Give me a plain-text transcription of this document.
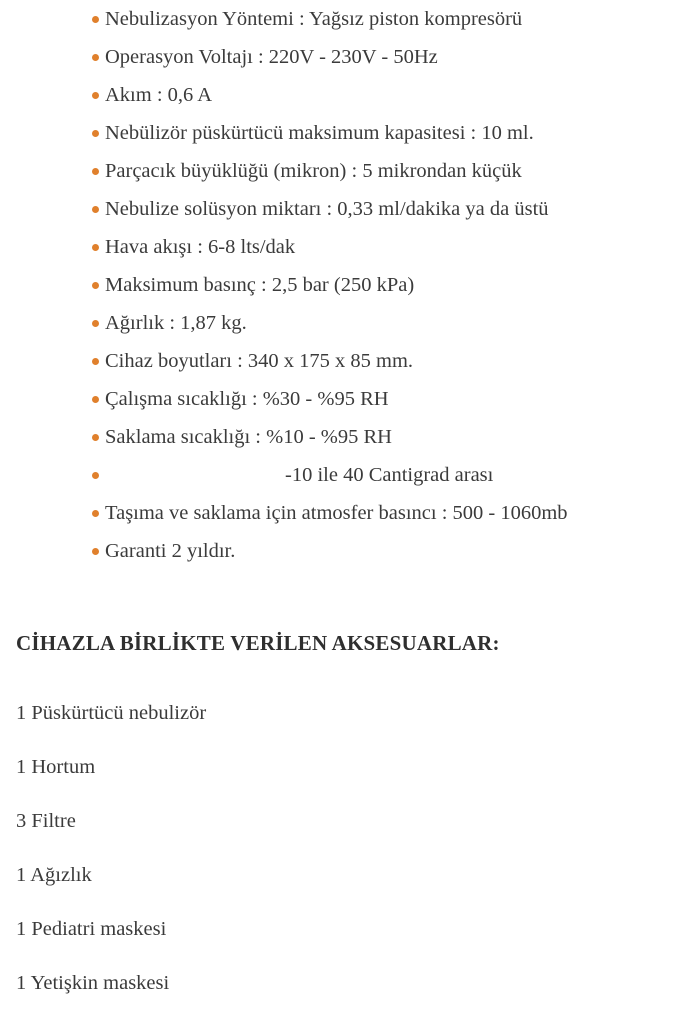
Nebulizasyon Yöntemi : Yağsız piston kompresörü
Operasyon Voltajı : 220V - 230V - 50Hz
Akım : 0,6 A
Nebülizör püskürtücü maksimum kapasitesi : 10 ml.
Parçacık büyüklüğü (mikron) : 5 mikrondan küçük
Nebulize solüsyon miktarı : 0,33 ml/dakika ya da üstü
Hava akışı : 6-8 lts/dak
Maksimum basınç : 2,5 bar (250 kPa)
Ağırlık : 1,87 kg.
Cihaz boyutları : 340 x 175 x 85 mm.
Çalışma sıcaklığı : %30 - %95 RH
Saklama sıcaklığı : %10 - %95 RH
-10 ile 40 Cantigrad arası
Taşıma ve saklama için atmosfer basıncı : 500 - 1060mb
Garanti 2 yıldır.
CİHAZLA BİRLİKTE VERİLEN AKSESUARLAR:
1 Püskürtücü nebulizör
1 Hortum
3 Filtre
1 Ağızlık
1 Pediatri maskesi
1 Yetişkin maskesi
